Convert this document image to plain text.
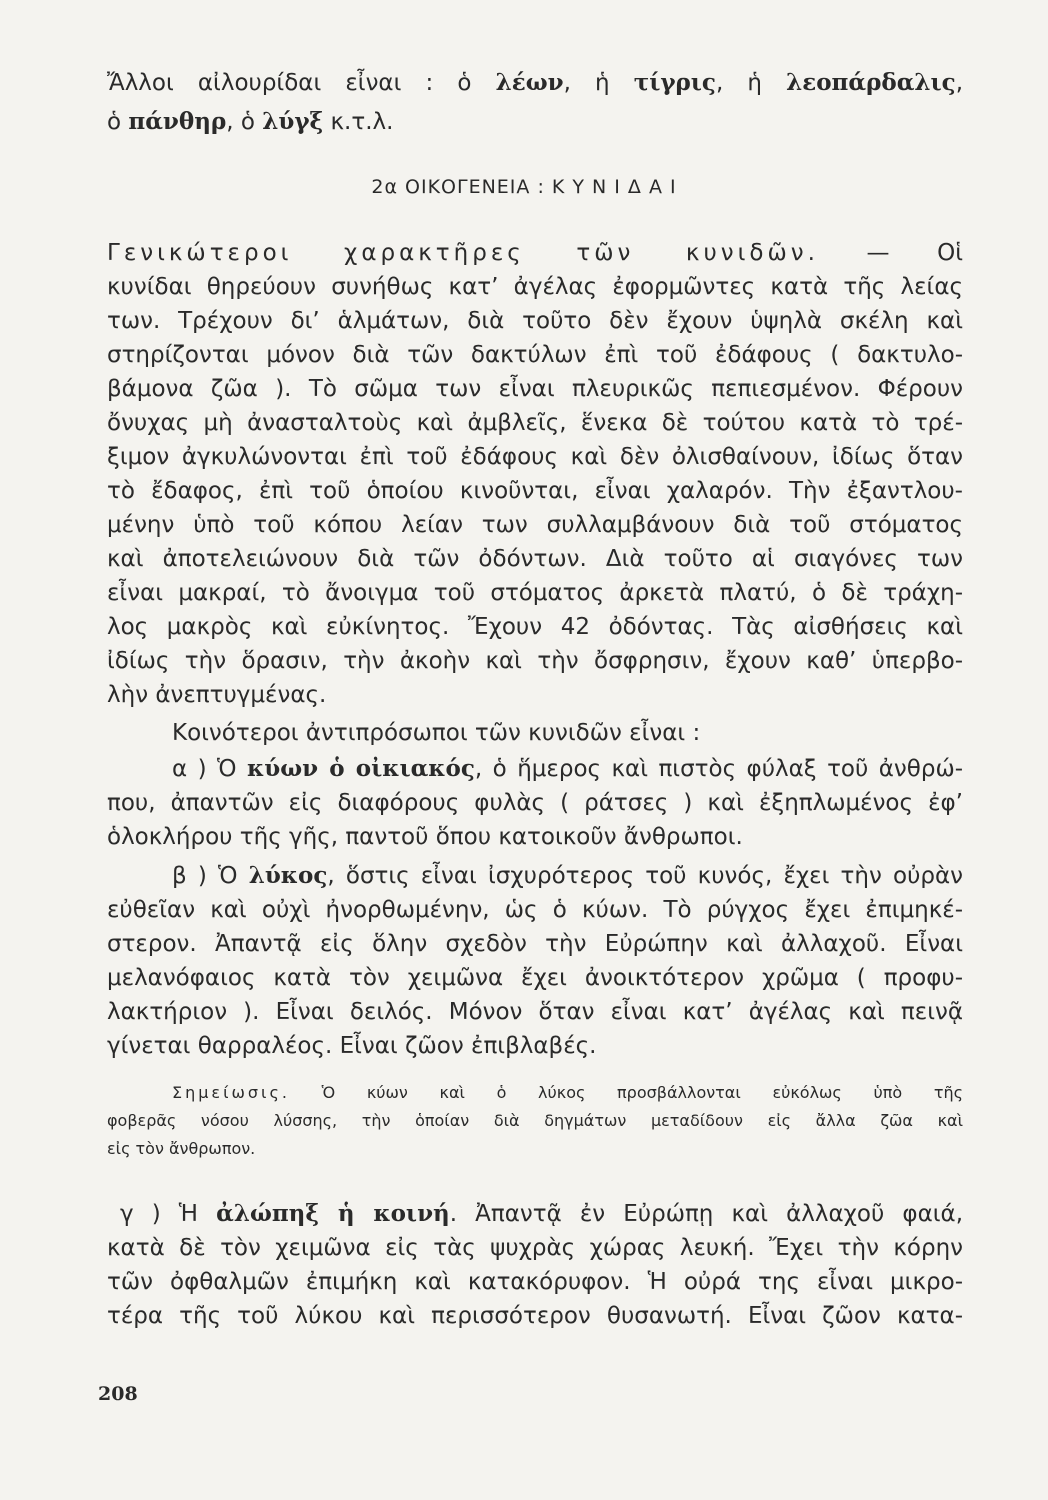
Ἄλλοι αἰλουρίδαι εἶναι : ὁ λέων, ἡ τίγρις, ἡ λεοπάρδαλις,
ὁ πάνθηρ, ὁ λύγξ κ.τ.λ.
2α ΟΙΚΟΓΕΝΕΙΑ : Κ Υ Ν Ι Δ Α Ι
Γενικώτεροι χαρακτῆρες τῶν κυνιδῶν. — Οἱ
κυνίδαι θηρεύουν συνήθως κατ’ ἀγέλας ἐφορμῶντες κατὰ τῆς λείας
των. Τρέχουν δι’ ἁλμάτων, διὰ τοῦτο δὲν ἔχουν ὑψηλὰ σκέλη καὶ
στηρίζονται μόνον διὰ τῶν δακτύλων ἐπὶ τοῦ ἐδάφους ( δακτυλο-
βάμονα ζῶα ). Τὸ σῶμα των εἶναι πλευρικῶς πεπιεσμένον. Φέρουν
ὄνυχας μὴ ἀνασταλτοὺς καὶ ἀμβλεῖς, ἕνεκα δὲ τούτου κατὰ τὸ τρέ-
ξιμον ἀγκυλώνονται ἐπὶ τοῦ ἐδάφους καὶ δὲν ὀλισθαίνουν, ἰδίως ὅταν
τὸ ἔδαφος, ἐπὶ τοῦ ὁποίου κινοῦνται, εἶναι χαλαρόν. Τὴν ἐξαντλου-
μένην ὑπὸ τοῦ κόπου λείαν των συλλαμβάνουν διὰ τοῦ στόματος
καὶ ἀποτελειώνουν διὰ τῶν ὀδόντων. Διὰ τοῦτο αἱ σιαγόνες των
εἶναι μακραί, τὸ ἄνοιγμα τοῦ στόματος ἀρκετὰ πλατύ, ὁ δὲ τράχη-
λος μακρὸς καὶ εὐκίνητος. Ἔχουν 42 ὀδόντας. Τὰς αἰσθήσεις καὶ
ἰδίως τὴν ὅρασιν, τὴν ἀκοὴν καὶ τὴν ὄσφρησιν, ἔχουν καθ’ ὑπερβο-
λὴν ἀνεπτυγμένας.
Κοινότεροι ἀντιπρόσωποι τῶν κυνιδῶν εἶναι :
α ) Ὁ κύων ὁ οἰκιακός, ὁ ἥμερος καὶ πιστὸς φύλαξ τοῦ ἀνθρώ-
που, ἀπαντῶν εἰς διαφόρους φυλὰς ( ράτσες ) καὶ ἐξηπλωμένος ἐφ’
ὁλοκλήρου τῆς γῆς, παντοῦ ὅπου κατοικοῦν ἄνθρωποι.
β ) Ὁ λύκος, ὅστις εἶναι ἰσχυρότερος τοῦ κυνός, ἔχει τὴν οὐρὰν
εὐθεῖαν καὶ οὐχὶ ἠνορθωμένην, ὡς ὁ κύων. Τὸ ρύγχος ἔχει ἐπιμηκέ-
στερον. Ἀπαντᾷ εἰς ὅλην σχεδὸν τὴν Εὐρώπην καὶ ἀλλαχοῦ. Εἶναι
μελανόφαιος κατὰ τὸν χειμῶνα ἔχει ἀνοικτότερον χρῶμα ( προφυ-
λακτήριον ). Εἶναι δειλός. Μόνον ὅταν εἶναι κατ’ ἀγέλας καὶ πεινᾷ
γίνεται θαρραλέος. Εἶναι ζῶον ἐπιβλαβές.
Σημείωσις. Ὁ κύων καὶ ὁ λύκος προσβάλλονται εὐκόλως ὑπὸ τῆς
φοβερᾶς νόσου λύσσης, τὴν ὁποίαν διὰ δηγμάτων μεταδίδουν εἰς ἄλλα ζῶα καὶ
εἰς τὸν ἄνθρωπον.
γ ) Ἡ ἀλώπηξ ἡ κοινή. Ἀπαντᾷ ἐν Εὐρώπῃ καὶ ἀλλαχοῦ φαιά,
κατὰ δὲ τὸν χειμῶνα εἰς τὰς ψυχρὰς χώρας λευκή. Ἔχει τὴν κόρην
τῶν ὀφθαλμῶν ἐπιμήκη καὶ κατακόρυφον. Ἡ οὐρά της εἶναι μικρο-
τέρα τῆς τοῦ λύκου καὶ περισσότερον θυσανωτή. Εἶναι ζῶον κατα-
208
